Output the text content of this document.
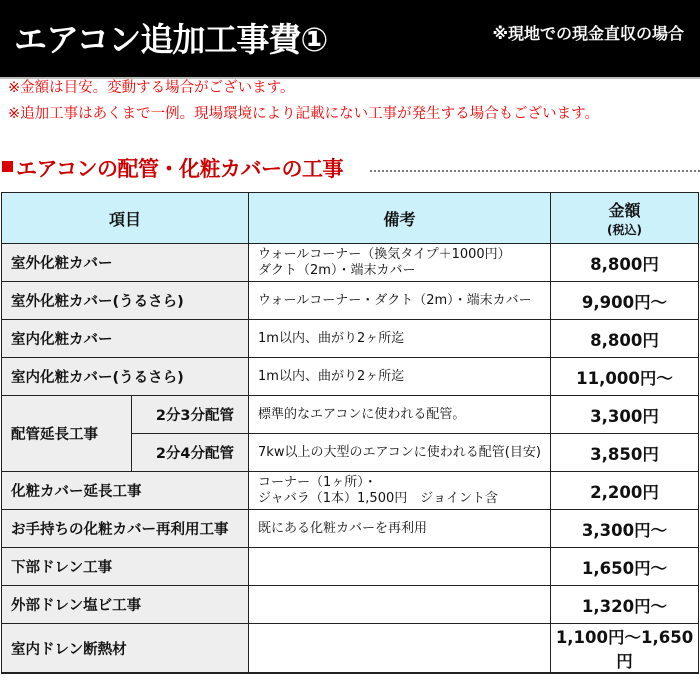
エアコン追加工事費①	※現地での現金直収の場合
※金額は目安。変動する場合がございます。
※追加工事はあくまで一例。現場環境により記載にない工事が発生する場合もございます。
エアコンの配管・化粧カバーの工事
項目		備考	金額
(税込)

室外化粧カバー		ウォールコーナー（換気タイプ＋1000円）
ダクト（2m）・端末カバー	8,800円
室外化粧カバー(うるさら)		ウォールコーナー・ダクト（2m）・端末カバー	9,900円〜
室内化粧カバー		1m以内、曲がり2ヶ所迄	8,800円
室内化粧カバー(うるさら)		1m以内、曲がり2ヶ所迄	11,000円〜
配管延長工事	2分3分配管	標準的なエアコンに使われる配管。	3,300円
	2分4分配管	7kw以上の大型のエアコンに使われる配管(目安)	3,850円
化粧カバー延長工事		コーナー（1ヶ所）・
ジャバラ（1本）1,500円　ジョイント含	2,200円
お手持ちの化粧カバー再利用工事		既にある化粧カバーを再利用	3,300円〜
下部ドレン工事			1,650円〜
外部ドレン塩ビ工事			1,320円〜
室内ドレン断熱材			1,100円〜1,650円
